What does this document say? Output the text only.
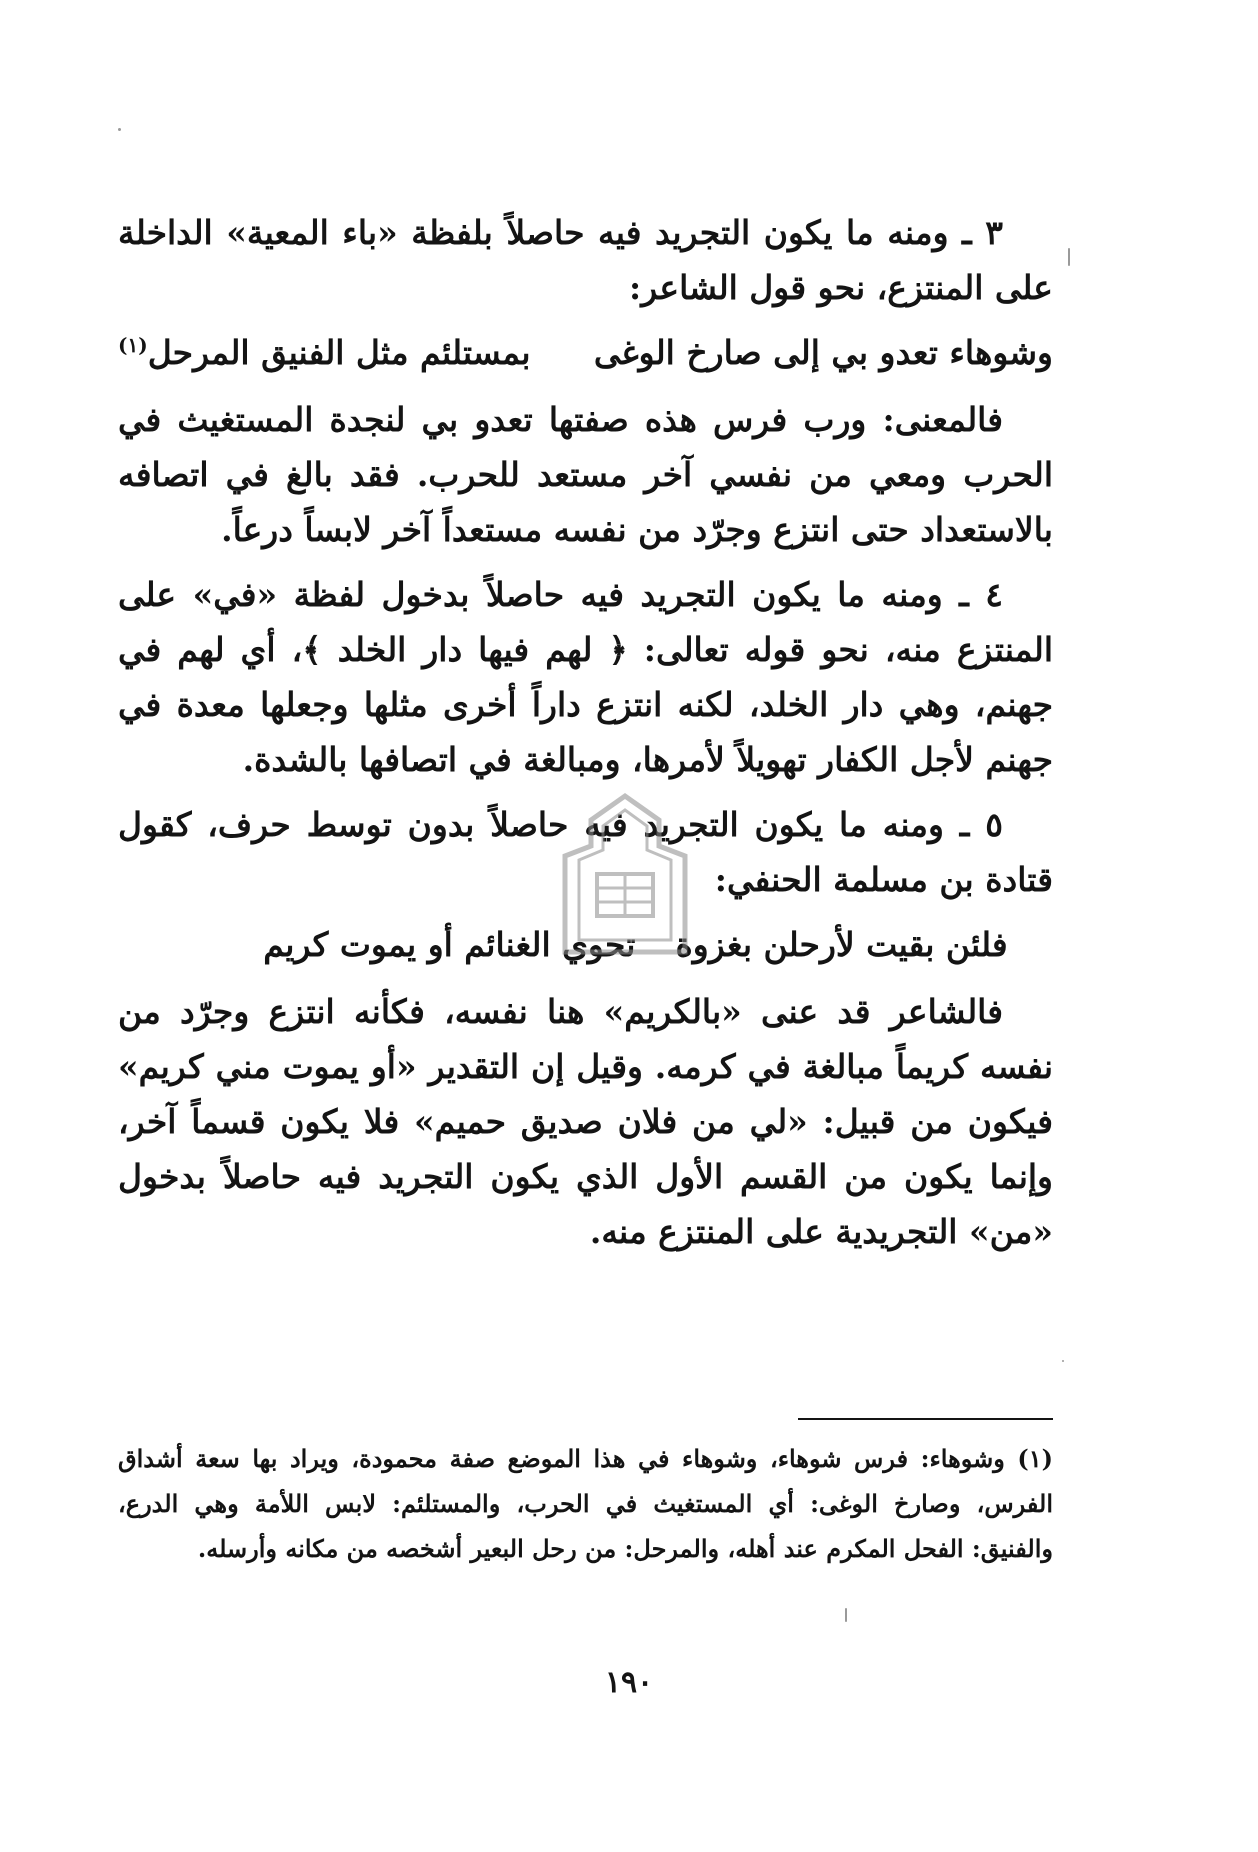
٣ ـ ومنه ما يكون التجريد فيه حاصلاً بلفظة «باء المعية» الداخلة على المنتزع، نحو قول الشاعر:

وشوهاء تعدو بي إلى صارخ الوغى
بمستلئم مثل الفنيق المرحل$^{(١)}$

فالمعنى: ورب فرس هذه صفتها تعدو بي لنجدة المستغيث في الحرب ومعي من نفسي آخر مستعد للحرب. فقد بالغ في اتصافه بالاستعداد حتى انتزع وجرّد من نفسه مستعداً آخر لابساً درعاً.

٤ ـ ومنه ما يكون التجريد فيه حاصلاً بدخول لفظة «في» على المنتزع منه، نحو قوله تعالى: ﴿ لهم فيها دار الخلد ﴾، أي لهم في جهنم، وهي دار الخلد، لكنه انتزع داراً أخرى مثلها وجعلها معدة في جهنم لأجل الكفار تهويلاً لأمرها، ومبالغة في اتصافها بالشدة.

٥ ـ ومنه ما يكون التجريد فيه حاصلاً بدون توسط حرف، كقول قتادة بن مسلمة الحنفي:

فلئن بقيت لأرحلن بغزوة
تحوي الغنائم أو يموت كريم

فالشاعر قد عنى «بالكريم» هنا نفسه، فكأنه انتزع وجرّد من نفسه كريماً مبالغة في كرمه. وقيل إن التقدير «أو يموت مني كريم» فيكون من قبيل: «لي من فلان صديق حميم» فلا يكون قسماً آخر، وإنما يكون من القسم الأول الذي يكون التجريد فيه حاصلاً بدخول «من» التجريدية على المنتزع منه.

(١) وشوهاء: فرس شوهاء، وشوهاء في هذا الموضع صفة محمودة، ويراد بها سعة أشداق الفرس، وصارخ الوغى: أي المستغيث في الحرب، والمستلئم: لابس اللأمة وهي الدرع، والفنيق: الفحل المكرم عند أهله، والمرحل: من رحل البعير أشخصه من مكانه وأرسله.

١٩٠
